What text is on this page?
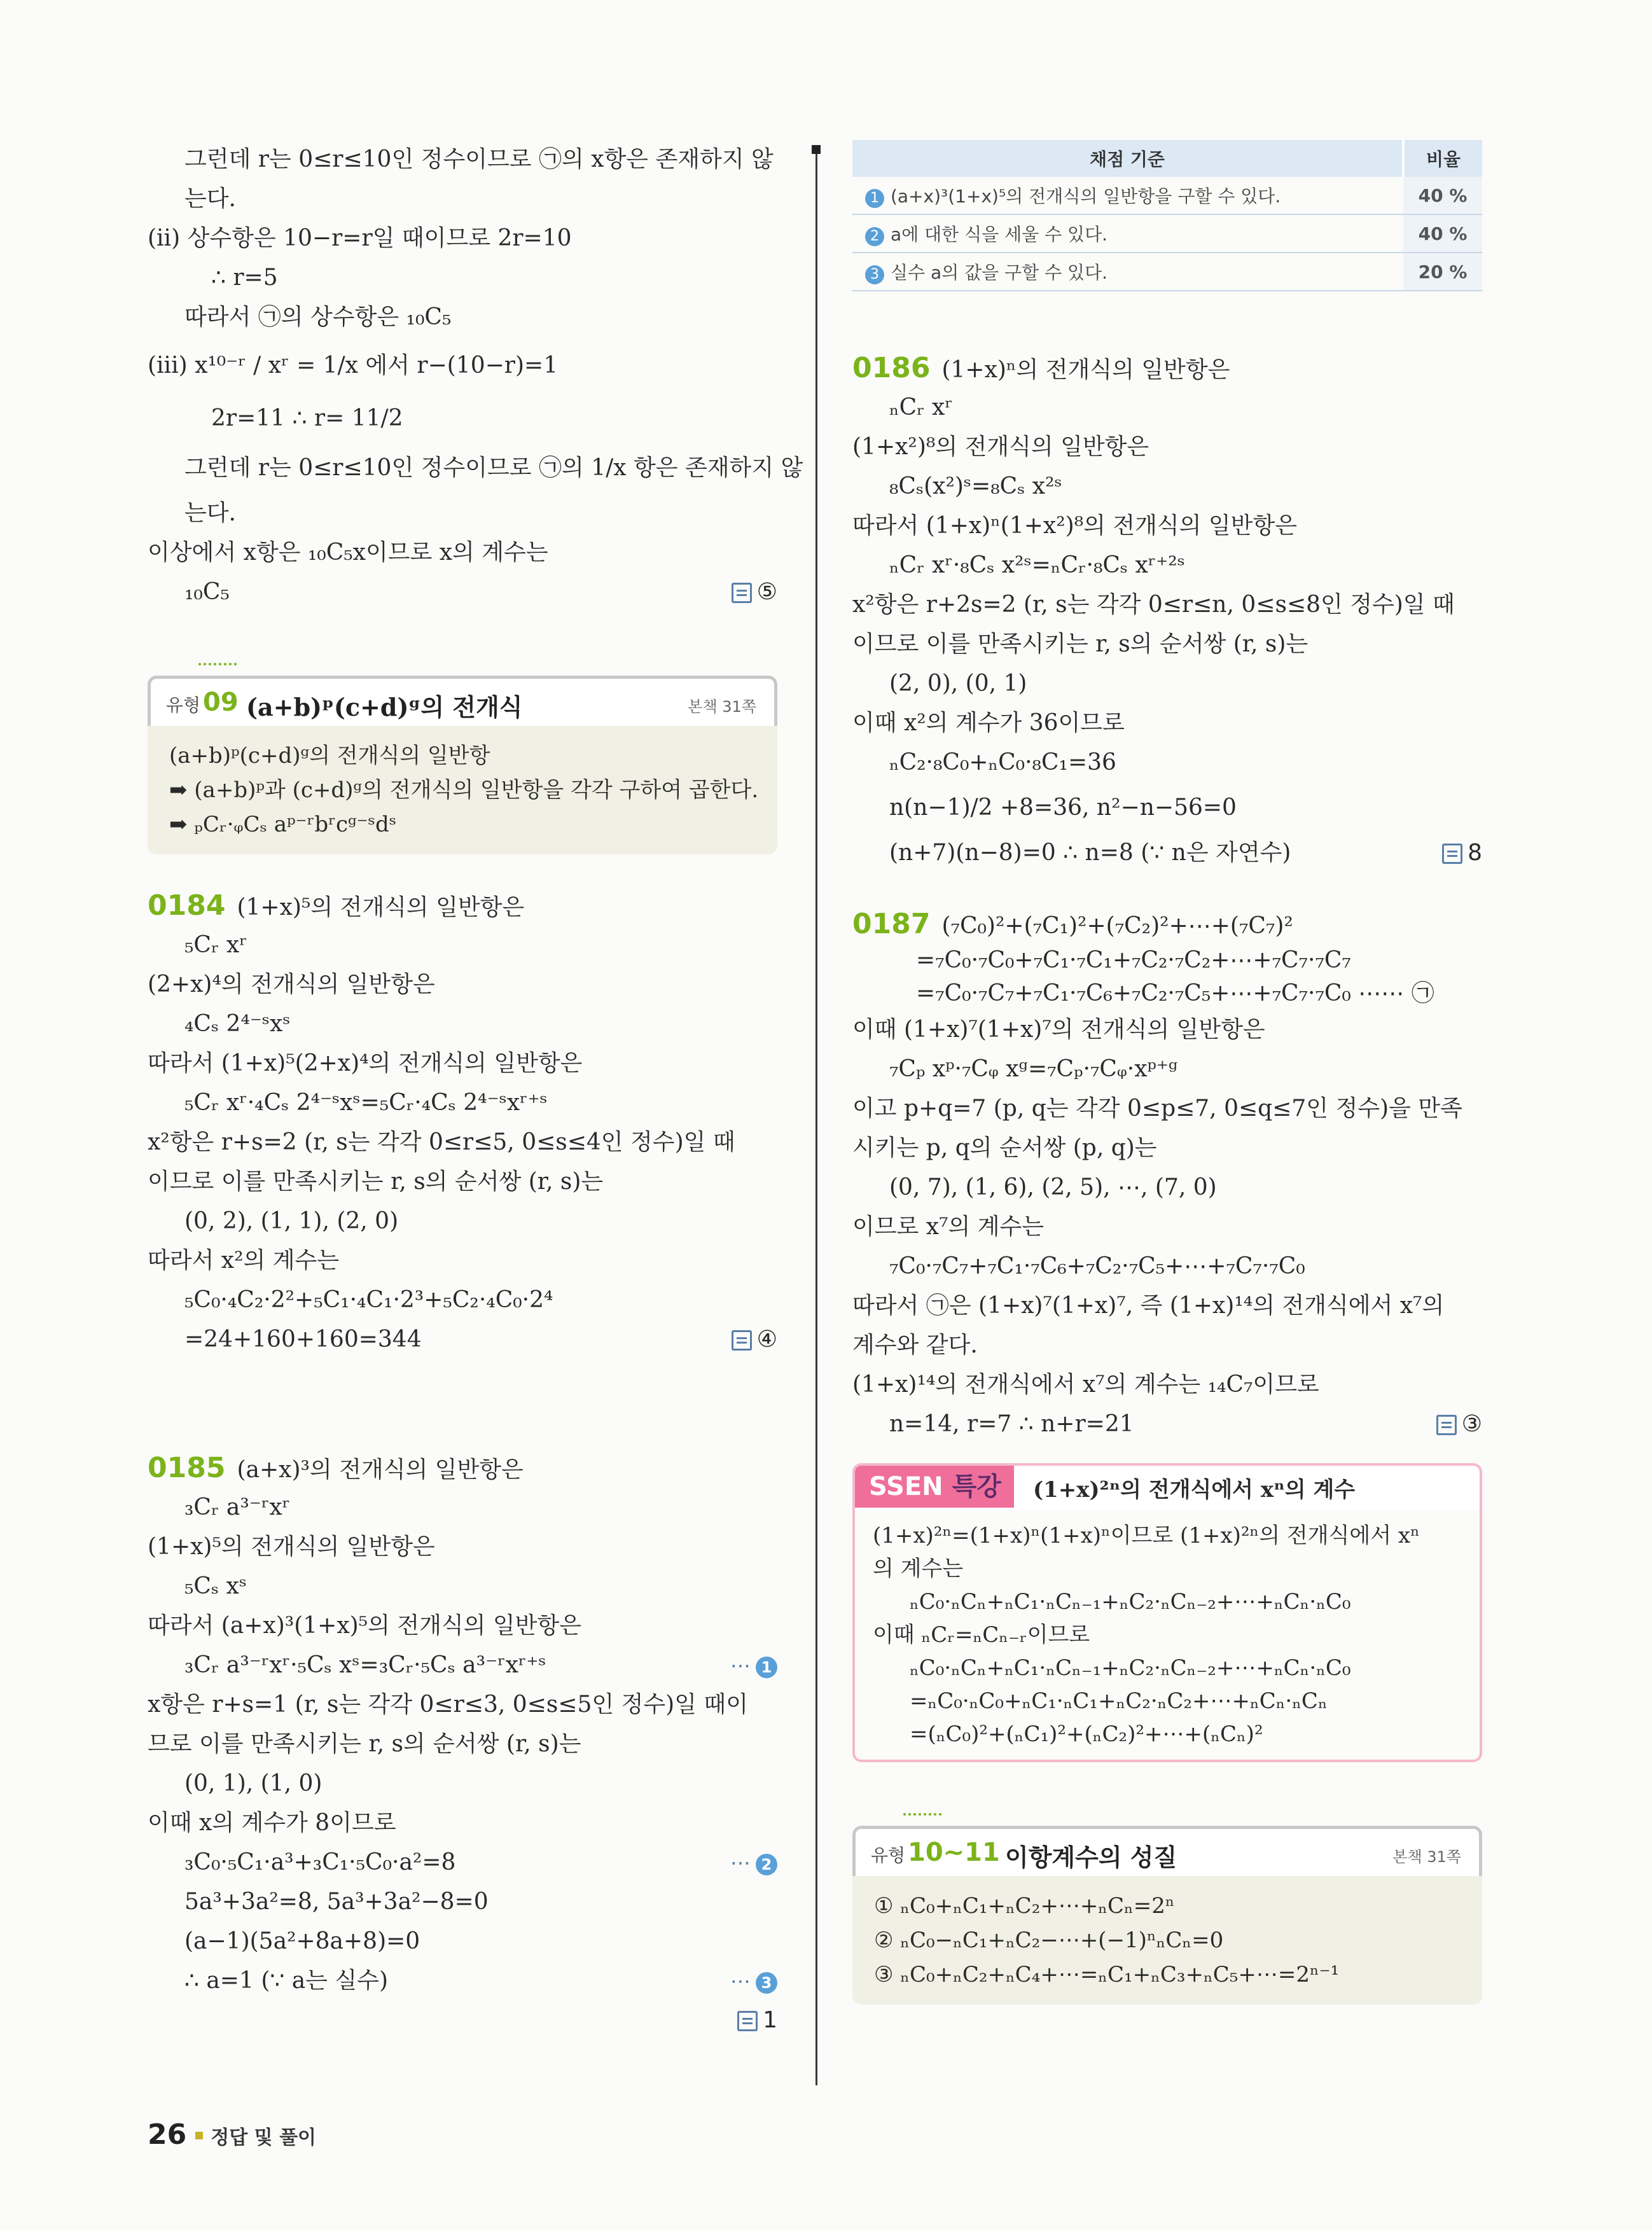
그런데 r는 0≤r≤10인 정수이므로 ㉠의 x항은 존재하지 않
는다.
(ii) 상수항은 10−r=r일 때이므로 2r=10
∴ r=5
따라서 ㉠의 상수항은 ₁₀C₅
(iii) x¹⁰⁻ʳ / xʳ = 1/x 에서 r−(10−r)=1
2r=11 ∴ r= 11/2
그런데 r는 0≤r≤10인 정수이므로 ㉠의 1/x 항은 존재하지 않
는다.
이상에서 x항은 ₁₀C₅x이므로 x의 계수는
₁₀C₅	⑤
유형 09 (a+b)ᵖ(c+d)ᵍ의 전개식	본책 31쪽
(a+b)ᵖ(c+d)ᵍ의 전개식의 일반항
➡ (a+b)ᵖ과 (c+d)ᵍ의 전개식의 일반항을 각각 구하여 곱한다.
➡ ₚCᵣ·ᵩCₛ aᵖ⁻ʳbʳcᵍ⁻ˢdˢ
0184 (1+x)⁵의 전개식의 일반항은
₅Cᵣ xʳ
(2+x)⁴의 전개식의 일반항은
₄Cₛ 2⁴⁻ˢxˢ
따라서 (1+x)⁵(2+x)⁴의 전개식의 일반항은
₅Cᵣ xʳ·₄Cₛ 2⁴⁻ˢxˢ=₅Cᵣ·₄Cₛ 2⁴⁻ˢxʳ⁺ˢ
x²항은 r+s=2 (r, s는 각각 0≤r≤5, 0≤s≤4인 정수)일 때
이므로 이를 만족시키는 r, s의 순서쌍 (r, s)는
(0, 2), (1, 1), (2, 0)
따라서 x²의 계수는
₅C₀·₄C₂·2²+₅C₁·₄C₁·2³+₅C₂·₄C₀·2⁴
=24+160+160=344	④
0185 (a+x)³의 전개식의 일반항은
₃Cᵣ a³⁻ʳxʳ
(1+x)⁵의 전개식의 일반항은
₅Cₛ xˢ
따라서 (a+x)³(1+x)⁵의 전개식의 일반항은
₃Cᵣ a³⁻ʳxʳ·₅Cₛ xˢ=₃Cᵣ·₅Cₛ a³⁻ʳxʳ⁺ˢ	⋯ 1
x항은 r+s=1 (r, s는 각각 0≤r≤3, 0≤s≤5인 정수)일 때이
므로 이를 만족시키는 r, s의 순서쌍 (r, s)는
(0, 1), (1, 0)
이때 x의 계수가 8이므로
₃C₀·₅C₁·a³+₃C₁·₅C₀·a²=8	⋯ 2
5a³+3a²=8, 5a³+3a²−8=0
(a−1)(5a²+8a+8)=0
∴ a=1 (∵ a는 실수)	⋯ 3
1
채점 기준	비율
1 (a+x)³(1+x)⁵의 전개식의 일반항을 구할 수 있다.	40 %
2 a에 대한 식을 세울 수 있다.	40 %
3 실수 a의 값을 구할 수 있다.	20 %
0186 (1+x)ⁿ의 전개식의 일반항은
ₙCᵣ xʳ
(1+x²)⁸의 전개식의 일반항은
₈Cₛ(x²)ˢ=₈Cₛ x²ˢ
따라서 (1+x)ⁿ(1+x²)⁸의 전개식의 일반항은
ₙCᵣ xʳ·₈Cₛ x²ˢ=ₙCᵣ·₈Cₛ xʳ⁺²ˢ
x²항은 r+2s=2 (r, s는 각각 0≤r≤n, 0≤s≤8인 정수)일 때
이므로 이를 만족시키는 r, s의 순서쌍 (r, s)는
(2, 0), (0, 1)
이때 x²의 계수가 36이므로
ₙC₂·₈C₀+ₙC₀·₈C₁=36
n(n−1)/2 +8=36, n²−n−56=0
(n+7)(n−8)=0 ∴ n=8 (∵ n은 자연수)	8
0187 (₇C₀)²+(₇C₁)²+(₇C₂)²+⋯+(₇C₇)²
=₇C₀·₇C₀+₇C₁·₇C₁+₇C₂·₇C₂+⋯+₇C₇·₇C₇
=₇C₀·₇C₇+₇C₁·₇C₆+₇C₂·₇C₅+⋯+₇C₇·₇C₀ ⋯⋯ ㉠
이때 (1+x)⁷(1+x)⁷의 전개식의 일반항은
₇Cₚ xᵖ·₇Cᵩ xᵍ=₇Cₚ·₇Cᵩ·xᵖ⁺ᵍ
이고 p+q=7 (p, q는 각각 0≤p≤7, 0≤q≤7인 정수)을 만족
시키는 p, q의 순서쌍 (p, q)는
(0, 7), (1, 6), (2, 5), ⋯, (7, 0)
이므로 x⁷의 계수는
₇C₀·₇C₇+₇C₁·₇C₆+₇C₂·₇C₅+⋯+₇C₇·₇C₀
따라서 ㉠은 (1+x)⁷(1+x)⁷, 즉 (1+x)¹⁴의 전개식에서 x⁷의
계수와 같다.
(1+x)¹⁴의 전개식에서 x⁷의 계수는 ₁₄C₇이므로
n=14, r=7 ∴ n+r=21	③
SSEN 특강	(1+x)²ⁿ의 전개식에서 xⁿ의 계수
(1+x)²ⁿ=(1+x)ⁿ(1+x)ⁿ이므로 (1+x)²ⁿ의 전개식에서 xⁿ
의 계수는
ₙC₀·ₙCₙ+ₙC₁·ₙCₙ₋₁+ₙC₂·ₙCₙ₋₂+⋯+ₙCₙ·ₙC₀
이때 ₙCᵣ=ₙCₙ₋ᵣ이므로
ₙC₀·ₙCₙ+ₙC₁·ₙCₙ₋₁+ₙC₂·ₙCₙ₋₂+⋯+ₙCₙ·ₙC₀
=ₙC₀·ₙC₀+ₙC₁·ₙC₁+ₙC₂·ₙC₂+⋯+ₙCₙ·ₙCₙ
=(ₙC₀)²+(ₙC₁)²+(ₙC₂)²+⋯+(ₙCₙ)²
유형 10~11 이항계수의 성질	본책 31쪽
① ₙC₀+ₙC₁+ₙC₂+⋯+ₙCₙ=2ⁿ
② ₙC₀−ₙC₁+ₙC₂−⋯+(−1)ⁿₙCₙ=0
③ ₙC₀+ₙC₂+ₙC₄+⋯=ₙC₁+ₙC₃+ₙC₅+⋯=2ⁿ⁻¹
26 정답 및 풀이
